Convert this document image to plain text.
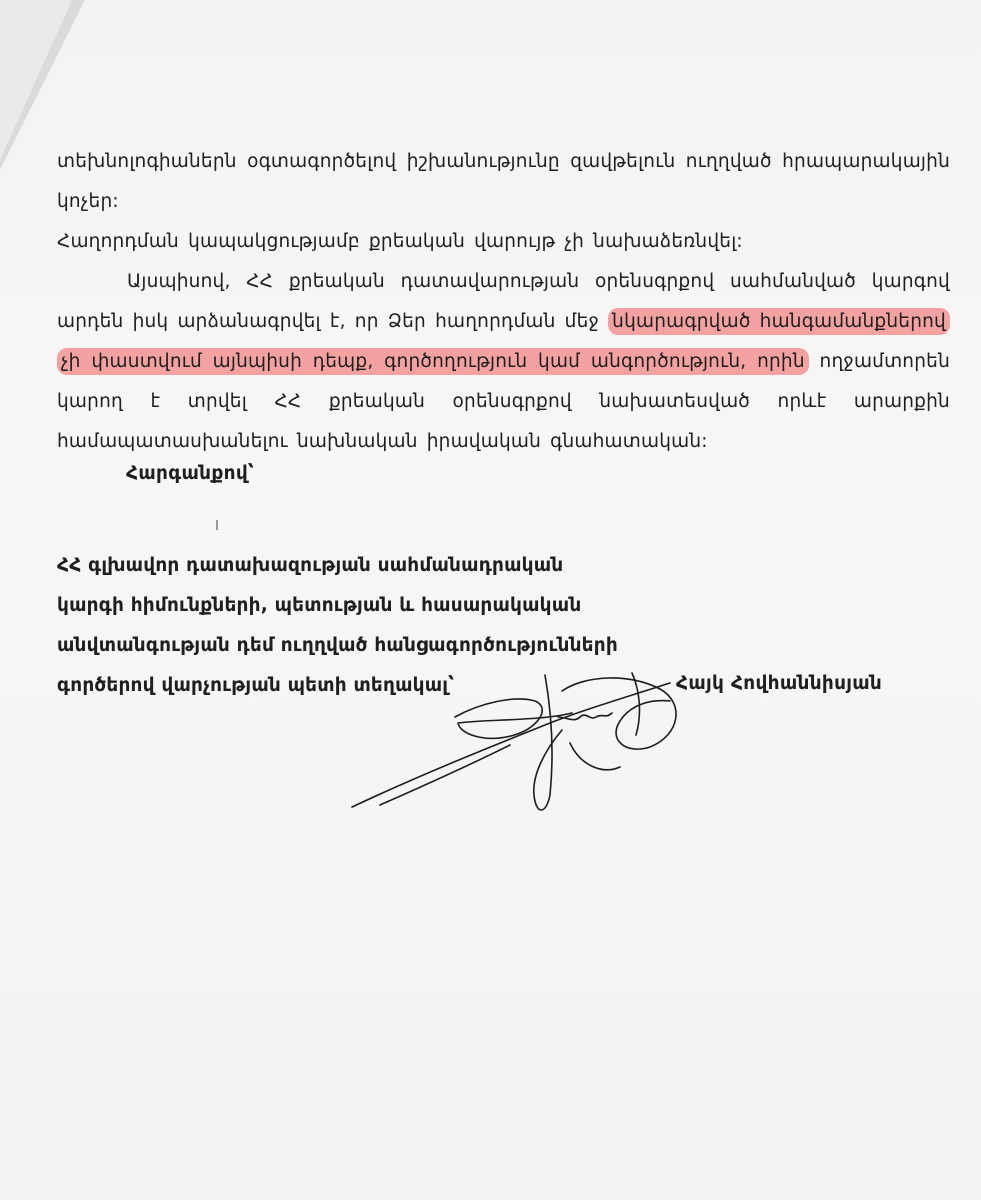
տեխնոլոգիաներն օգտագործելով իշխանությունը զավթելուն ուղղված հրապարակային կոչեր:

Հաղորդման կապակցությամբ քրեական վարույթ չի նախաձեռնվել:

Այսպիսով, ՀՀ քրեական դատավարության օրենսգրքով սահմանված կարգով արդեն իսկ արձանագրվել է, որ Ձեր հաղորդման մեջ նկարագրված հանգամանքներով չի փաստվում այնպիսի դեպք, գործողություն կամ անգործություն, որին ողջամտորեն կարող է տրվել ՀՀ քրեական օրենսգրքով նախատեսված որևէ արարքին համապատասխանելու նախնական իրավական գնահատական:

Հարգանքով՝
ՀՀ գլխավոր դատախազության սահմանադրական
կարգի հիմունքների, պետության և հասարակական
անվտանգության դեմ ուղղված հանցագործությունների
գործերով վարչության պետի տեղակալ՝	Հայկ Հովհաննիսյան
